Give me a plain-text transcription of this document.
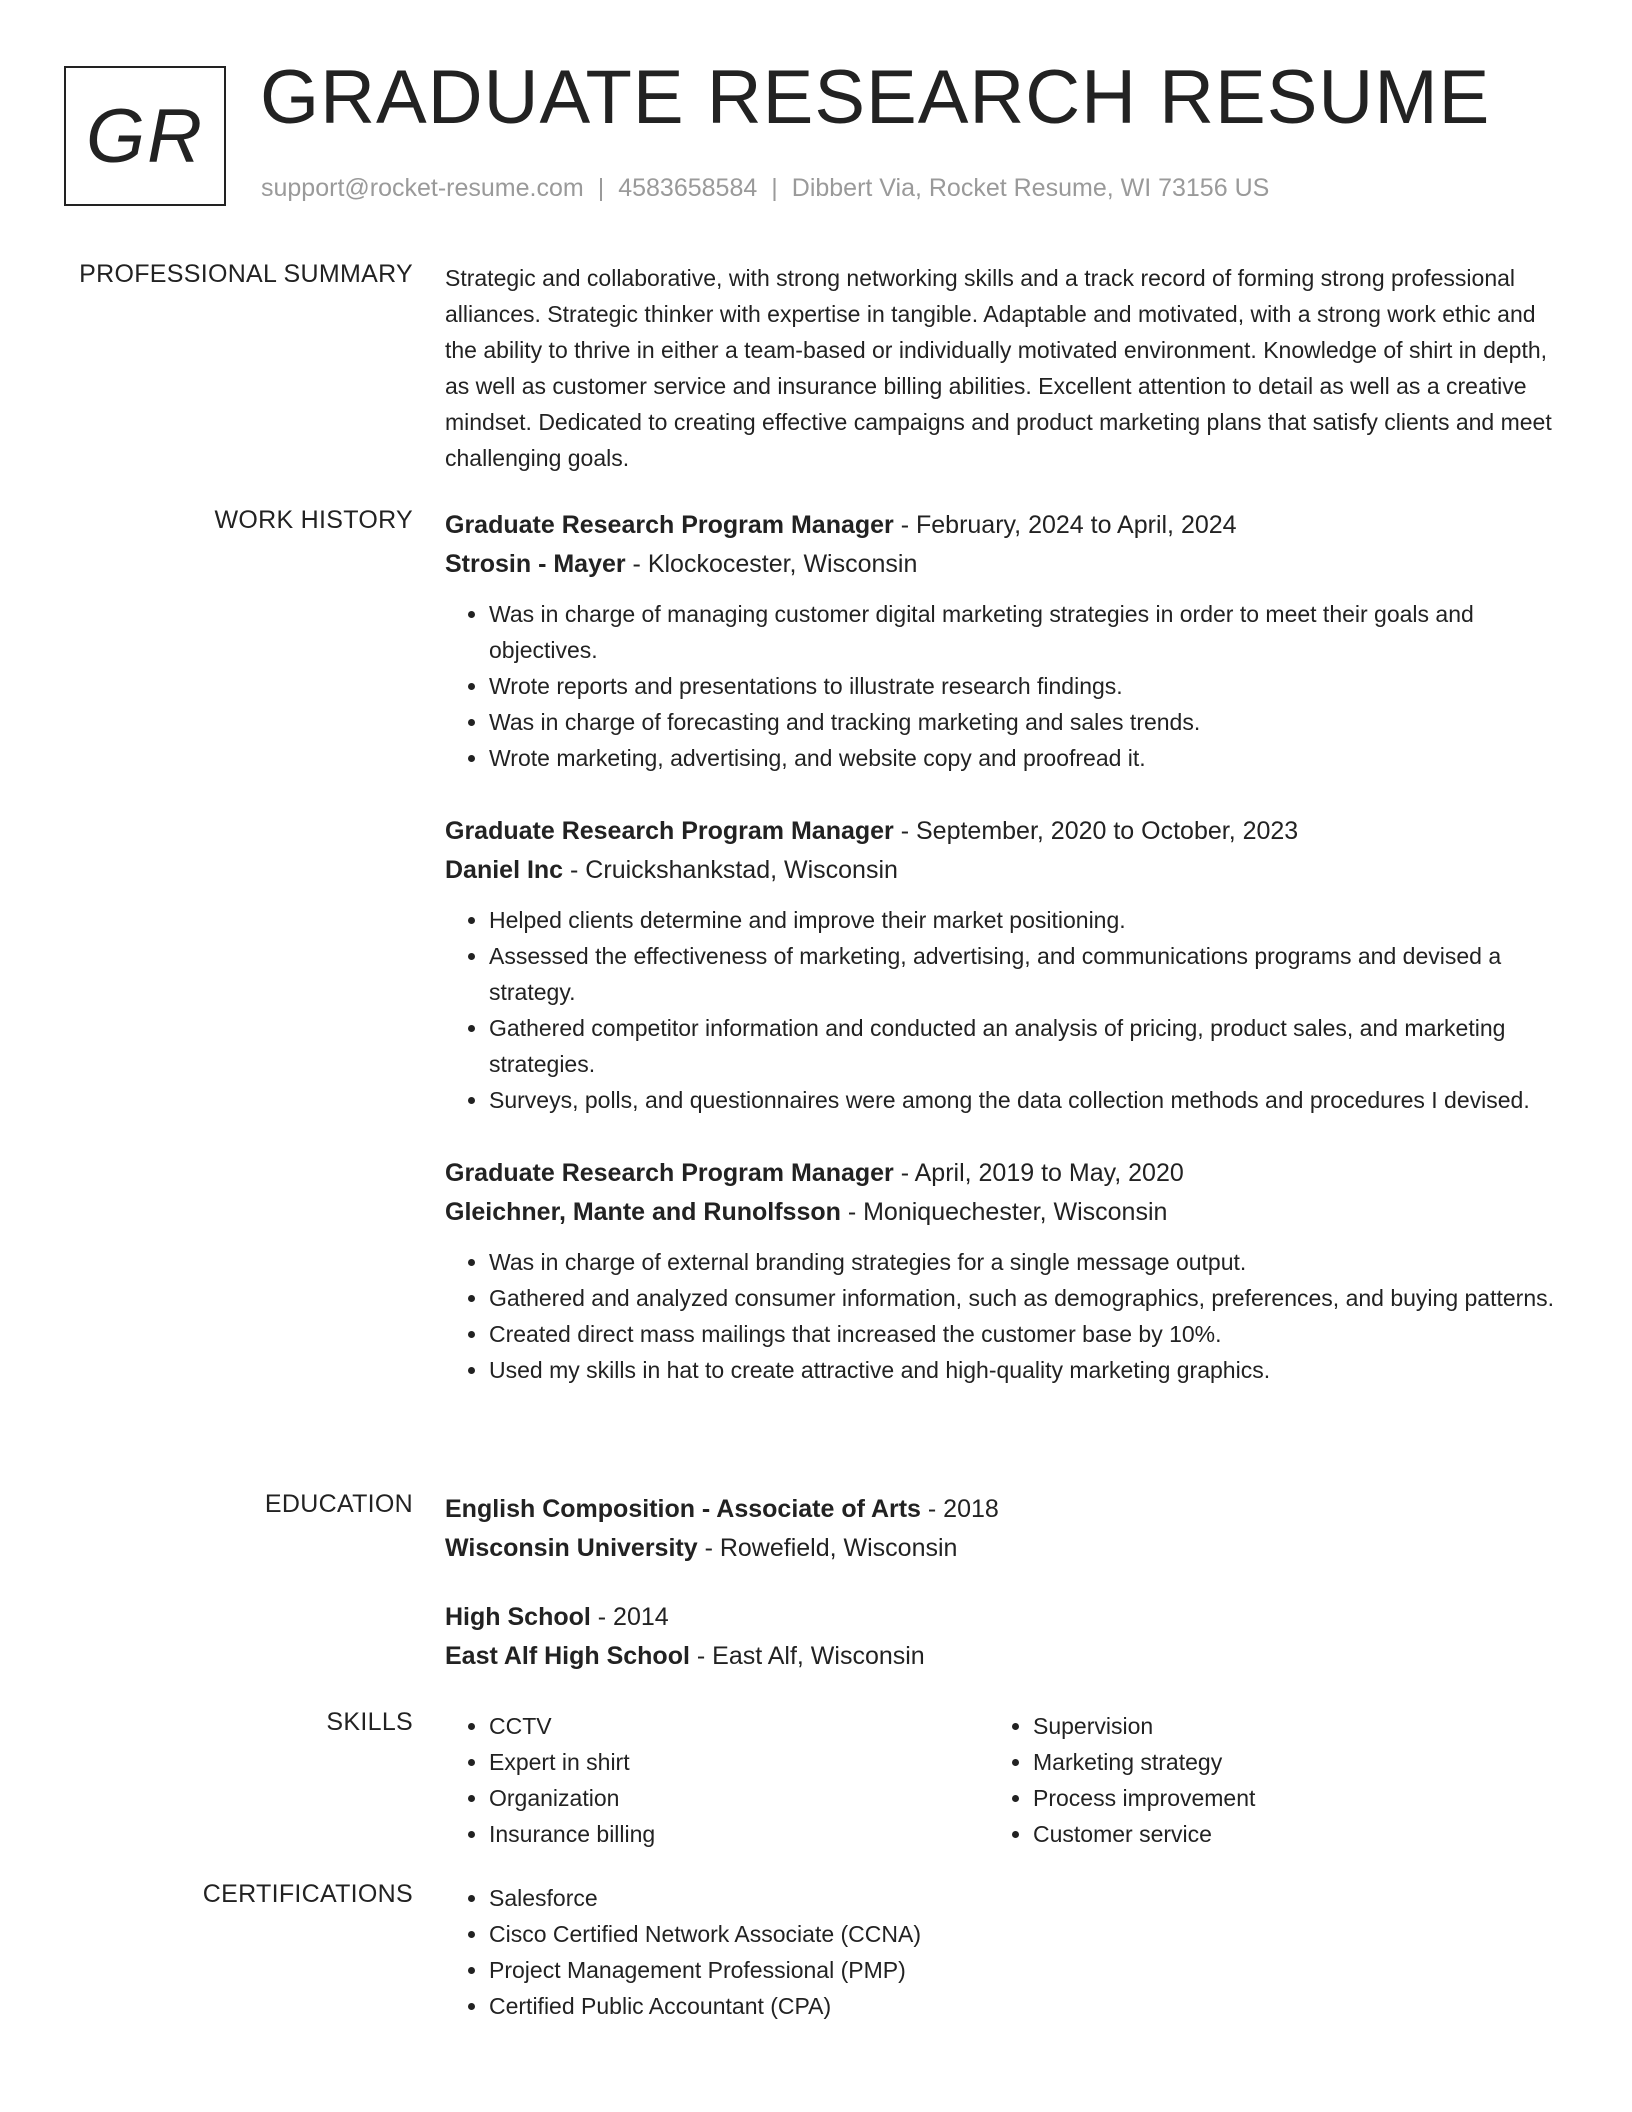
GR GRADUATE RESEARCH RESUME
support@rocket-resume.com | 4583658584 | Dibbert Via, Rocket Resume, WI 73156 US
PROFESSIONAL SUMMARY Strategic and collaborative, with strong networking skills and a track record of forming strong professional alliances. Strategic thinker with expertise in tangible. Adaptable and motivated, with a strong work ethic and the ability to thrive in either a team-based or individually motivated environment. Knowledge of shirt in depth, as well as customer service and insurance billing abilities. Excellent attention to detail as well as a creative mindset. Dedicated to creating effective campaigns and product marketing plans that satisfy clients and meet challenging goals.

WORK HISTORY Graduate Research Program Manager - February, 2024 to April, 2024
Strosin - Mayer - Klockocester, Wisconsin
• Was in charge of managing customer digital marketing strategies in order to meet their goals and objectives.
• Wrote reports and presentations to illustrate research findings.
• Was in charge of forecasting and tracking marketing and sales trends.
• Wrote marketing, advertising, and website copy and proofread it.
Graduate Research Program Manager - September, 2020 to October, 2023
Daniel Inc - Cruickshankstad, Wisconsin
• Helped clients determine and improve their market positioning.
• Assessed the effectiveness of marketing, advertising, and communications programs and devised a strategy.
• Gathered competitor information and conducted an analysis of pricing, product sales, and marketing strategies.
• Surveys, polls, and questionnaires were among the data collection methods and procedures I devised.
Graduate Research Program Manager - April, 2019 to May, 2020
Gleichner, Mante and Runolfsson - Moniquechester, Wisconsin
• Was in charge of external branding strategies for a single message output.
• Gathered and analyzed consumer information, such as demographics, preferences, and buying patterns.
• Created direct mass mailings that increased the customer base by 10%.
• Used my skills in hat to create attractive and high-quality marketing graphics.
EDUCATION English Composition - Associate of Arts - 2018
Wisconsin University - Rowefield, Wisconsin
High School - 2014
East Alf High School - East Alf, Wisconsin
SKILLS	• CCTV
• Expert in shirt
• Organization
• Insurance billing
• Supervision
• Marketing strategy
• Process improvement
• Customer service
CERTIFICATIONS	• Salesforce
• Cisco Certified Network Associate (CCNA)
• Project Management Professional (PMP)
• Certified Public Accountant (CPA)
